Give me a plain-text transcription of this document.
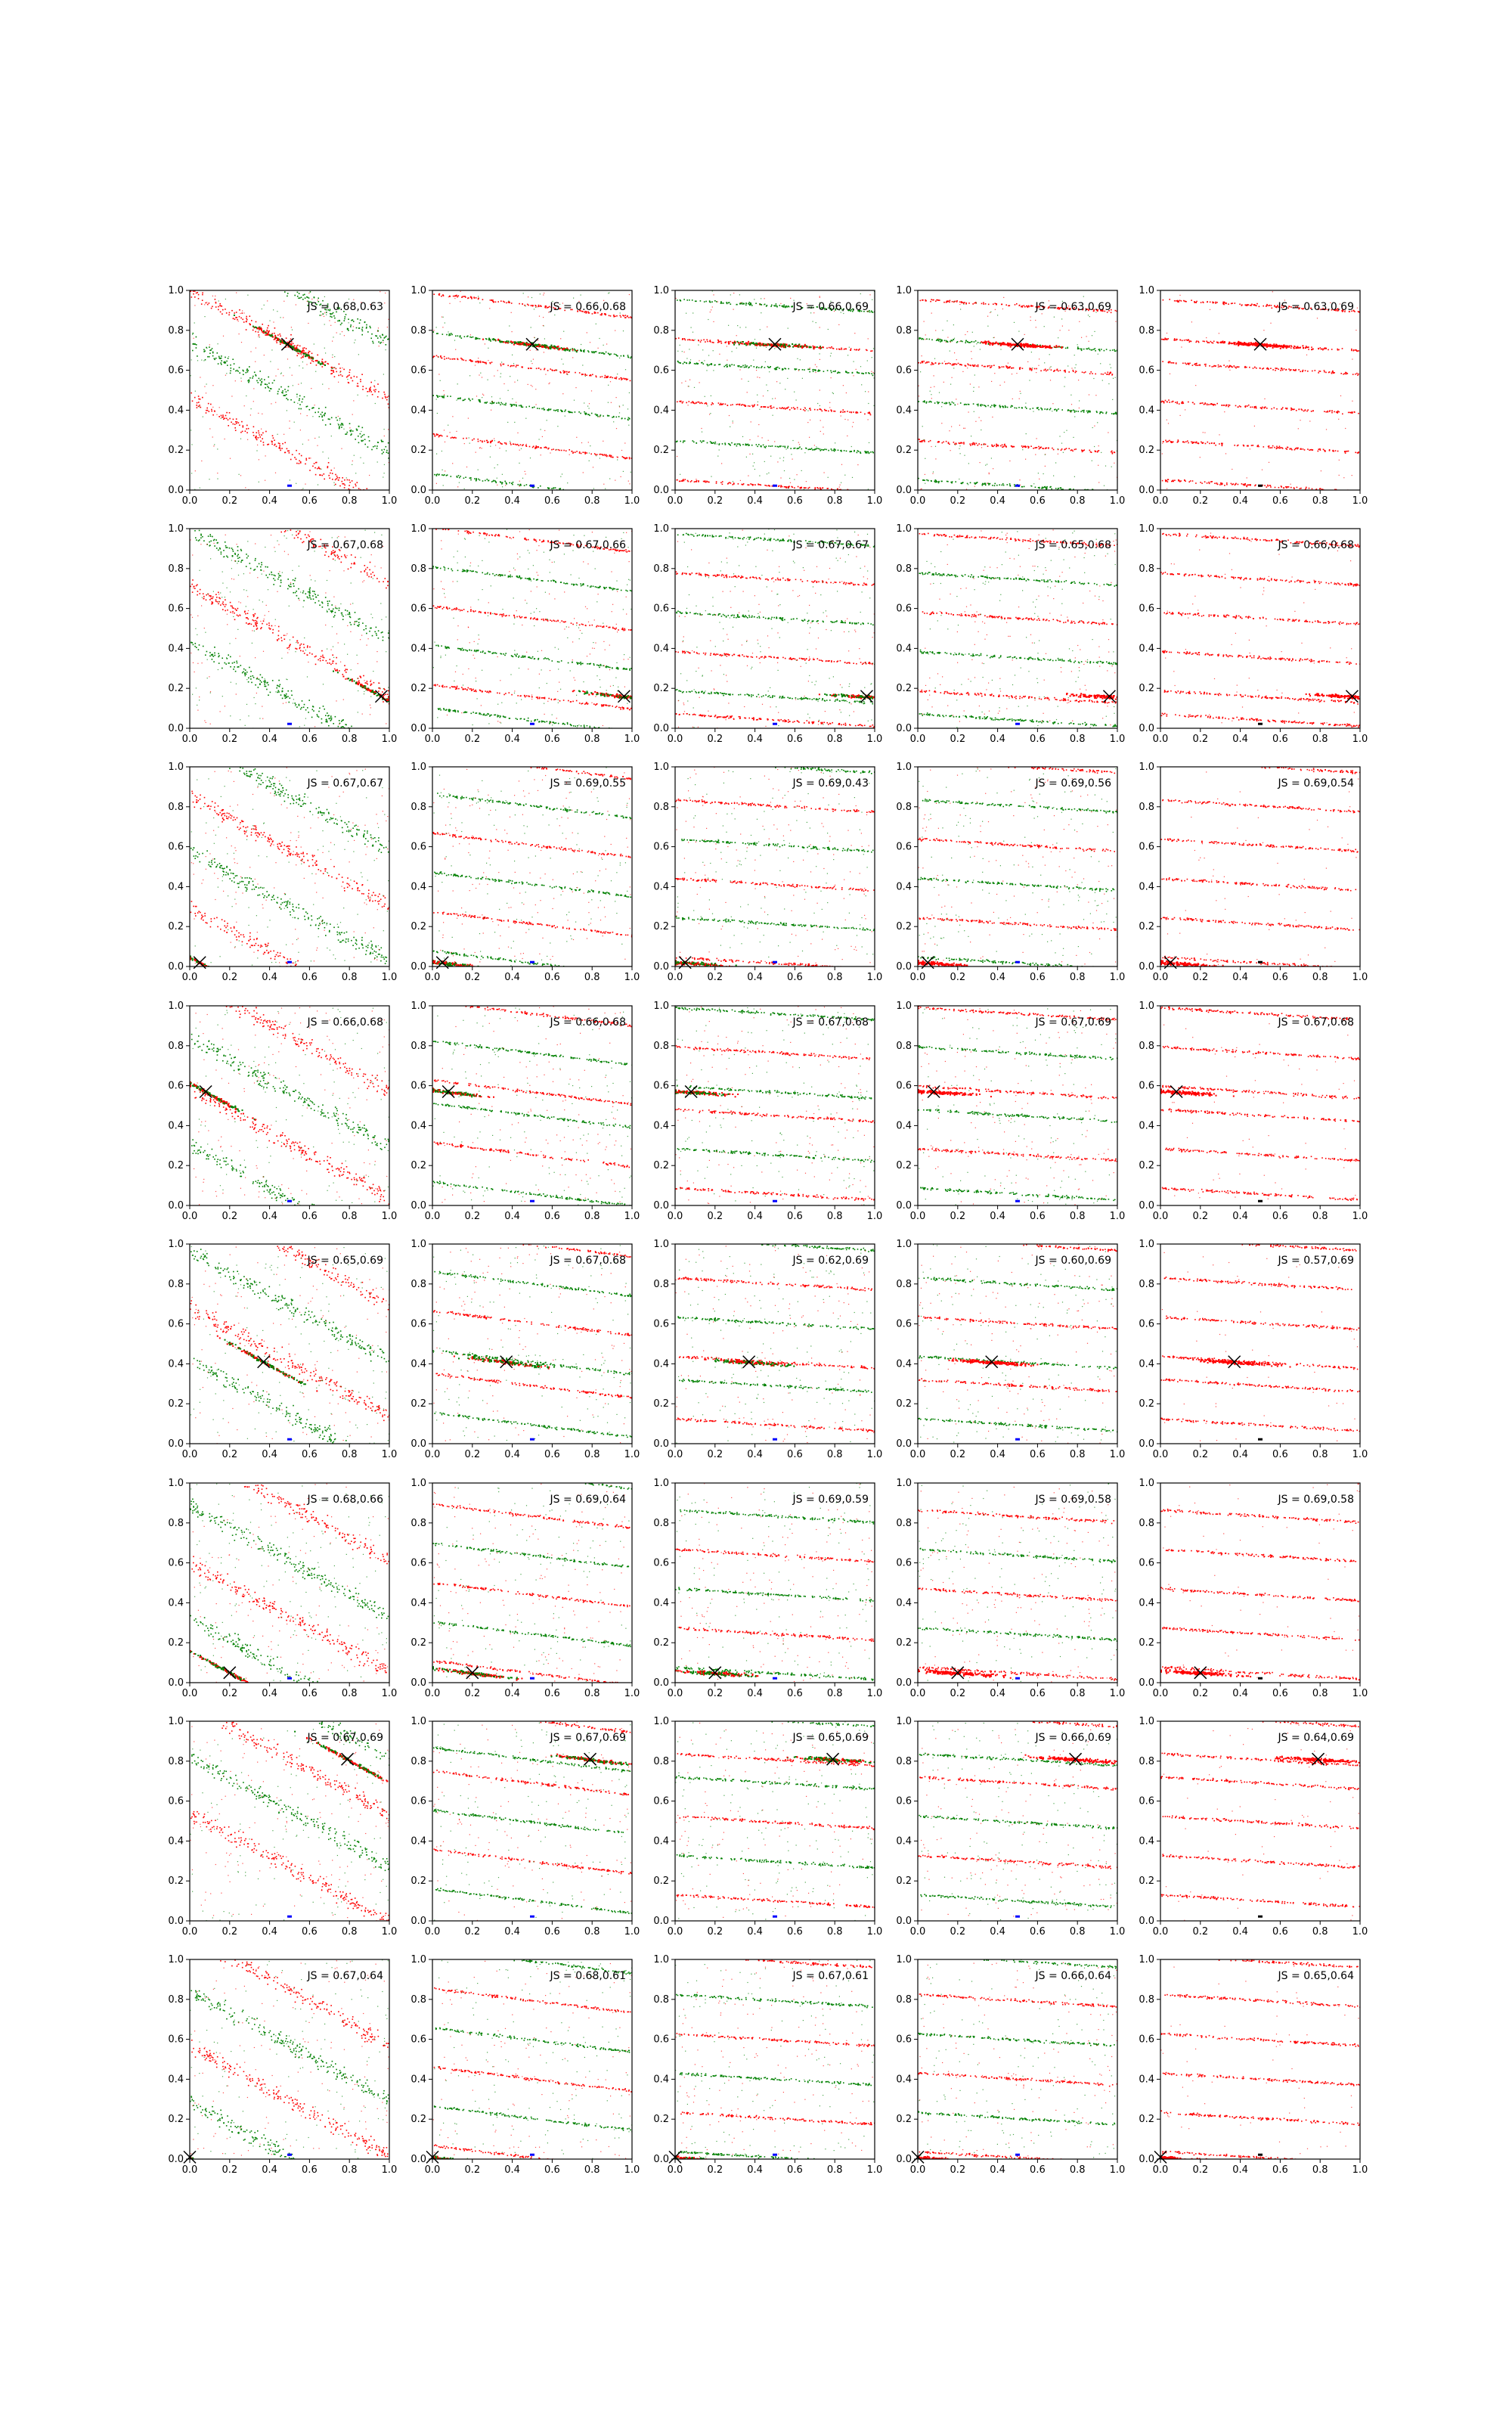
0.0
0.0
0.2
0.2
0.4
0.4
0.6
0.6
0.8
0.8
1.0
1.0
JS = 0.68,0.63
0.0
0.0
0.2
0.2
0.4
0.4
0.6
0.6
0.8
0.8
1.0
1.0
JS = 0.66,0.68
0.0
0.0
0.2
0.2
0.4
0.4
0.6
0.6
0.8
0.8
1.0
1.0
JS = 0.66,0.69
0.0
0.0
0.2
0.2
0.4
0.4
0.6
0.6
0.8
0.8
1.0
1.0
JS = 0.63,0.69
0.0
0.0
0.2
0.2
0.4
0.4
0.6
0.6
0.8
0.8
1.0
1.0
JS = 0.63,0.69
0.0
0.0
0.2
0.2
0.4
0.4
0.6
0.6
0.8
0.8
1.0
1.0
JS = 0.67,0.68
0.0
0.0
0.2
0.2
0.4
0.4
0.6
0.6
0.8
0.8
1.0
1.0
JS = 0.67,0.66
0.0
0.0
0.2
0.2
0.4
0.4
0.6
0.6
0.8
0.8
1.0
1.0
JS = 0.67,0.67
0.0
0.0
0.2
0.2
0.4
0.4
0.6
0.6
0.8
0.8
1.0
1.0
JS = 0.65,0.68
0.0
0.0
0.2
0.2
0.4
0.4
0.6
0.6
0.8
0.8
1.0
1.0
JS = 0.66,0.68
0.0
0.0
0.2
0.2
0.4
0.4
0.6
0.6
0.8
0.8
1.0
1.0
JS = 0.67,0.67
0.0
0.0
0.2
0.2
0.4
0.4
0.6
0.6
0.8
0.8
1.0
1.0
JS = 0.69,0.55
0.0
0.0
0.2
0.2
0.4
0.4
0.6
0.6
0.8
0.8
1.0
1.0
JS = 0.69,0.43
0.0
0.0
0.2
0.2
0.4
0.4
0.6
0.6
0.8
0.8
1.0
1.0
JS = 0.69,0.56
0.0
0.0
0.2
0.2
0.4
0.4
0.6
0.6
0.8
0.8
1.0
1.0
JS = 0.69,0.54
0.0
0.0
0.2
0.2
0.4
0.4
0.6
0.6
0.8
0.8
1.0
1.0
JS = 0.66,0.68
0.0
0.0
0.2
0.2
0.4
0.4
0.6
0.6
0.8
0.8
1.0
1.0
JS = 0.66,0.68
0.0
0.0
0.2
0.2
0.4
0.4
0.6
0.6
0.8
0.8
1.0
1.0
JS = 0.67,0.68
0.0
0.0
0.2
0.2
0.4
0.4
0.6
0.6
0.8
0.8
1.0
1.0
JS = 0.67,0.69
0.0
0.0
0.2
0.2
0.4
0.4
0.6
0.6
0.8
0.8
1.0
1.0
JS = 0.67,0.68
0.0
0.0
0.2
0.2
0.4
0.4
0.6
0.6
0.8
0.8
1.0
1.0
JS = 0.65,0.69
0.0
0.0
0.2
0.2
0.4
0.4
0.6
0.6
0.8
0.8
1.0
1.0
JS = 0.67,0.68
0.0
0.0
0.2
0.2
0.4
0.4
0.6
0.6
0.8
0.8
1.0
1.0
JS = 0.62,0.69
0.0
0.0
0.2
0.2
0.4
0.4
0.6
0.6
0.8
0.8
1.0
1.0
JS = 0.60,0.69
0.0
0.0
0.2
0.2
0.4
0.4
0.6
0.6
0.8
0.8
1.0
1.0
JS = 0.57,0.69
0.0
0.0
0.2
0.2
0.4
0.4
0.6
0.6
0.8
0.8
1.0
1.0
JS = 0.68,0.66
0.0
0.0
0.2
0.2
0.4
0.4
0.6
0.6
0.8
0.8
1.0
1.0
JS = 0.69,0.64
0.0
0.0
0.2
0.2
0.4
0.4
0.6
0.6
0.8
0.8
1.0
1.0
JS = 0.69,0.59
0.0
0.0
0.2
0.2
0.4
0.4
0.6
0.6
0.8
0.8
1.0
1.0
JS = 0.69,0.58
0.0
0.0
0.2
0.2
0.4
0.4
0.6
0.6
0.8
0.8
1.0
1.0
JS = 0.69,0.58
0.0
0.0
0.2
0.2
0.4
0.4
0.6
0.6
0.8
0.8
1.0
1.0
JS = 0.67,0.69
0.0
0.0
0.2
0.2
0.4
0.4
0.6
0.6
0.8
0.8
1.0
1.0
JS = 0.67,0.69
0.0
0.0
0.2
0.2
0.4
0.4
0.6
0.6
0.8
0.8
1.0
1.0
JS = 0.65,0.69
0.0
0.0
0.2
0.2
0.4
0.4
0.6
0.6
0.8
0.8
1.0
1.0
JS = 0.66,0.69
0.0
0.0
0.2
0.2
0.4
0.4
0.6
0.6
0.8
0.8
1.0
1.0
JS = 0.64,0.69
0.0
0.0
0.2
0.2
0.4
0.4
0.6
0.6
0.8
0.8
1.0
1.0
JS = 0.67,0.64
0.0
0.0
0.2
0.2
0.4
0.4
0.6
0.6
0.8
0.8
1.0
1.0
JS = 0.68,0.61
0.0
0.0
0.2
0.2
0.4
0.4
0.6
0.6
0.8
0.8
1.0
1.0
JS = 0.67,0.61
0.0
0.0
0.2
0.2
0.4
0.4
0.6
0.6
0.8
0.8
1.0
1.0
JS = 0.66,0.64
0.0
0.0
0.2
0.2
0.4
0.4
0.6
0.6
0.8
0.8
1.0
1.0
JS = 0.65,0.64
